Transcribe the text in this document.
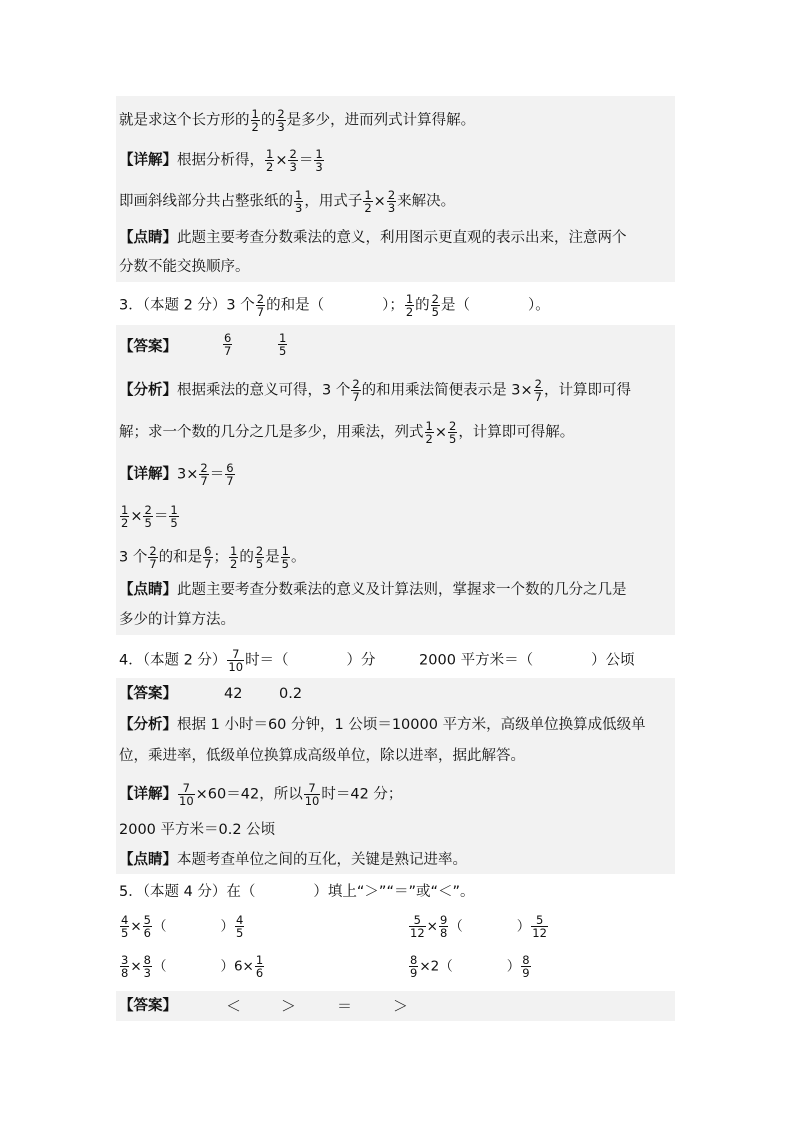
就是求这个长方形的 $\frac{1}{2}$ 的 $\frac{2}{3}$ 是多少，进而列式计算得解。
【详解】根据分析得， $\frac{1}{2} \times \frac{2}{3} = \frac{1}{3}$
即画斜线部分共占整张纸的 $\frac{1}{3}$ ，用式子 $\frac{1}{2} \times \frac{2}{3}$ 来解决。
【点睛】此题主要考查分数乘法的意义，利用图示更直观的表示出来，注意两个
分数不能交换顺序。
3．（本题 2 分）3 个 $\frac{2}{7}$ 的和是（　　　　）； $\frac{1}{2}$ 的 $\frac{2}{5}$ 是（　　　　）。
【答案】	$\frac{6}{7}$	$\frac{1}{5}$
【分析】根据乘法的意义可得，3 个 $\frac{2}{7}$ 的和用乘法简便表示是 $3\times \frac{2}{7}$ ，计算即可得
解；求一个数的几分之几是多少，用乘法，列式 $\frac{1}{2} \times \frac{2}{5}$ ，计算即可得解。
【详解】$3\times \frac{2}{7} = \frac{6}{7}$
$\frac{1}{2} \times \frac{2}{5} = \frac{1}{5}$
3 个 $\frac{2}{7}$ 的和是 $\frac{6}{7}$ ； $\frac{1}{2}$ 的 $\frac{2}{5}$ 是 $\frac{1}{5}$ 。
【点睛】此题主要考查分数乘法的意义及计算法则，掌握求一个数的几分之几是
多少的计算方法。
4．（本题 2 分） $\frac{7}{10}$ 时＝（　　　　）分　　　2000 平方米＝（　　　　）公顷
【答案】	42	0.2
【分析】根据 1 小时＝60 分钟，1 公顷＝10000 平方米，高级单位换算成低级单
位，乘进率，低级单位换算成高级单位，除以进率，据此解答。
【详解】 $\frac{7}{10} \times 60=42$，所以 $\frac{7}{10}$ 时＝42 分；
2000 平方米＝0.2 公顷
【点睛】本题考查单位之间的互化，关键是熟记进率。
5．（本题 4 分）在（　　　　）填上“＞”“＝”或“＜”。
$\frac{4}{5} \times \frac{5}{6}$ （　　　　） $\frac{4}{5}$	$\frac{5}{12} \times \frac{9}{8}$ （　　　　） $\frac{5}{12}$
$\frac{3}{8} \times \frac{8}{3}$ （　　　　）$6\times \frac{1}{6}$	$\frac{8}{9} \times 2$（　　　　） $\frac{8}{9}$
【答案】	＜	＞	＝	＞
